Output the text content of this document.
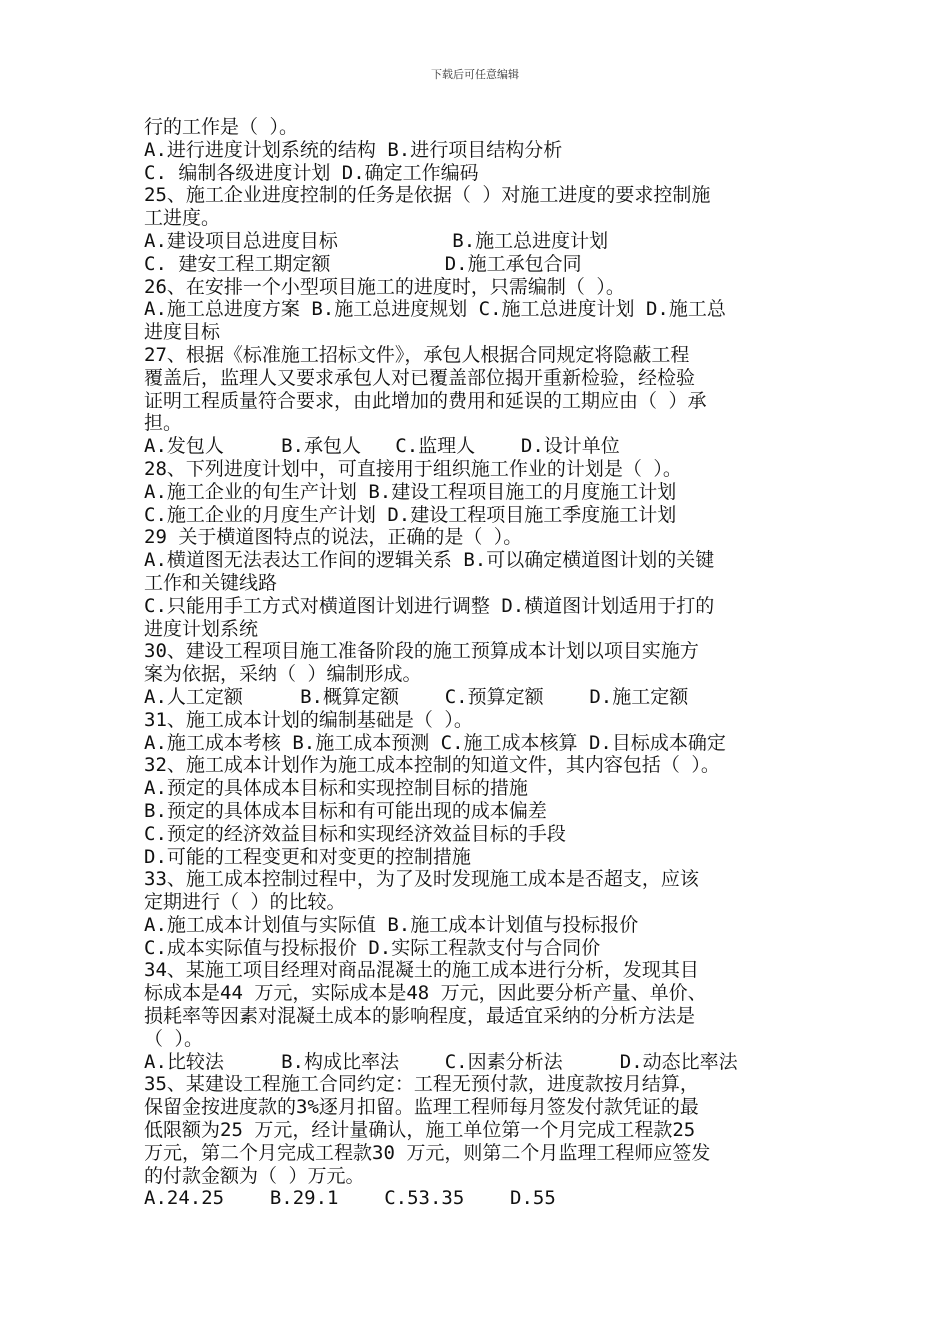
下载后可任意编辑
行的工作是（ ）。
A.进行进度计划系统的结构 B.进行项目结构分析
C. 编制各级进度计划 D.确定工作编码
25、施工企业进度控制的任务是依据（ ）对施工进度的要求控制施
工进度。
A.建设项目总进度目标          B.施工总进度计划
C. 建安工程工期定额          D.施工承包合同
26、在安排一个小型项目施工的进度时，只需编制（ ）。
A.施工总进度方案 B.施工总进度规划 C.施工总进度计划 D.施工总
进度目标
27、根据《标准施工招标文件》，承包人根据合同规定将隐蔽工程
覆盖后，监理人又要求承包人对已覆盖部位揭开重新检验，经检验
证明工程质量符合要求，由此增加的费用和延误的工期应由（ ）承
担。
A.发包人     B.承包人   C.监理人    D.设计单位
28、下列进度计划中，可直接用于组织施工作业的计划是（ ）。
A.施工企业的旬生产计划 B.建设工程项目施工的月度施工计划
C.施工企业的月度生产计划 D.建设工程项目施工季度施工计划
29 关于横道图特点的说法，正确的是（ ）。
A.横道图无法表达工作间的逻辑关系 B.可以确定横道图计划的关键
工作和关键线路
C.只能用手工方式对横道图计划进行调整 D.横道图计划适用于打的
进度计划系统
30、建设工程项目施工准备阶段的施工预算成本计划以项目实施方
案为依据，采纳（ ）编制形成。
A.人工定额     B.概算定额    C.预算定额    D.施工定额
31、施工成本计划的编制基础是（ ）。
A.施工成本考核 B.施工成本预测 C.施工成本核算 D.目标成本确定
32、施工成本计划作为施工成本控制的知道文件，其内容包括（ ）。
A.预定的具体成本目标和实现控制目标的措施
B.预定的具体成本目标和有可能出现的成本偏差
C.预定的经济效益目标和实现经济效益目标的手段
D.可能的工程变更和对变更的控制措施
33、施工成本控制过程中，为了及时发现施工成本是否超支，应该
定期进行（ ）的比较。
A.施工成本计划值与实际值 B.施工成本计划值与投标报价
C.成本实际值与投标报价 D.实际工程款支付与合同价
34、某施工项目经理对商品混凝土的施工成本进行分析，发现其目
标成本是44 万元，实际成本是48 万元，因此要分析产量、单价、
损耗率等因素对混凝土成本的影响程度，最适宜采纳的分析方法是
（ ）。
A.比较法     B.构成比率法    C.因素分析法     D.动态比率法
35、某建设工程施工合同约定：工程无预付款，进度款按月结算，
保留金按进度款的3%逐月扣留。监理工程师每月签发付款凭证的最
低限额为25 万元，经计量确认，施工单位第一个月完成工程款25
万元，第二个月完成工程款30 万元，则第二个月监理工程师应签发
的付款金额为（ ）万元。
A.24.25    B.29.1    C.53.35    D.55
